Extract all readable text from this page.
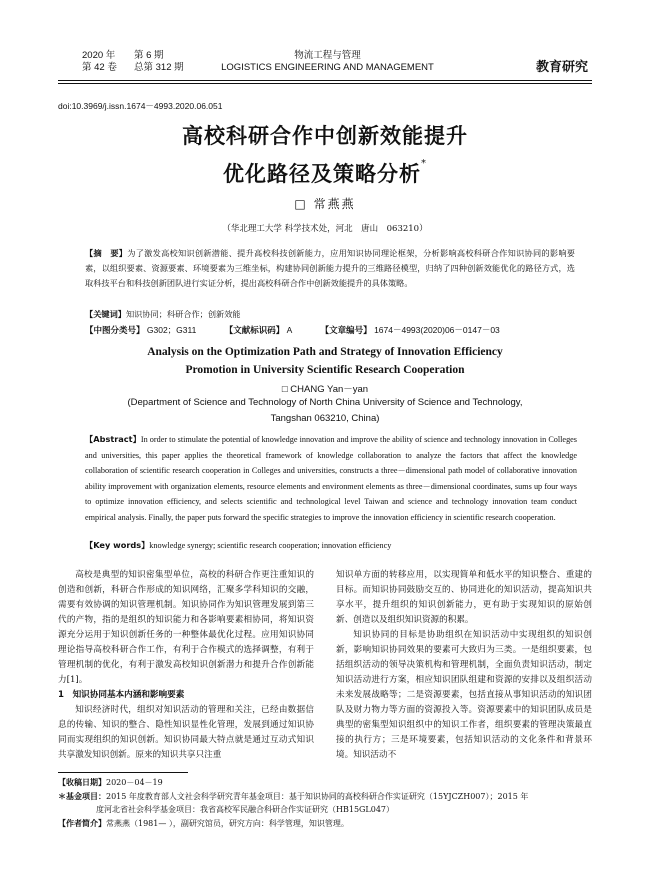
2020 年 第 6 期
第 42 卷 总第 312 期
物流工程与管理
LOGISTICS ENGINEERING AND MANAGEMENT	教育研究
doi:10.3969/j.issn.1674－4993.2020.06.051
高校科研合作中创新效能提升
优化路径及策略分析*
□ 常燕燕
（华北理工大学 科学技术处，河北　唐山　063210）
【摘　要】为了激发高校知识创新潜能、提升高校科技创新能力，应用知识协同理论框架，分析影响高校科研合作知识协同的影响要素，以组织要素、资源要素、环境要素为三维坐标，构建协同创新能力提升的三维路径模型，归纳了四种创新效能优化的路径方式，选取科技平台和科技创新团队进行实证分析，提出高校科研合作中创新效能提升的具体策略。
【关键词】知识协同；科研合作；创新效能
【中图分类号】 G302；G311	【文献标识码】 A	【文章编号】 1674－4993(2020)06－0147－03
Analysis on the Optimization Path and Strategy of Innovation Efficiency
Promotion in University Scientific Research Cooperation
□ CHANG Yan－yan
(Department of Science and Technology of North China University of Science and Technology,
Tangshan 063210, China)
【Abstract】In order to stimulate the potential of knowledge innovation and improve the ability of science and technology innovation in Colleges and universities, this paper applies the theoretical framework of knowledge collaboration to analyze the factors that affect the knowledge collaboration of scientific research cooperation in Colleges and universities, constructs a three－dimensional path model of collaborative innovation ability improvement with organization elements, resource elements and environment elements as three－dimensional coordinates, sums up four ways to optimize innovation efficiency, and selects scientific and technological level Taiwan and science and technology innovation team conduct empirical analysis. Finally, the paper puts forward the specific strategies to improve the innovation efficiency in scientific research cooperation.
【Key words】knowledge synergy; scientific research cooperation; innovation efficiency

高校是典型的知识密集型单位，高校的科研合作更注重知识的创造和创新，科研合作形成的知识网络，汇聚多学科知识的交融，需要有效协调的知识管理机制。知识协同作为知识管理发展到第三代的产物，指的是组织的知识能力和各影响要素相协同，将知识资源充分运用于知识创新任务的一种整体最优化过程。应用知识协同理论指导高校科研合作工作，有利于合作模式的选择调整，有利于管理机制的优化，有利于激发高校知识创新潜力和提升合作创新能力[1]。

1　知识协同基本内涵和影响要素

知识经济时代，组织对知识活动的管理和关注，已经由数据信息的传输、知识的整合、隐性知识显性化管理，发展到通过知识协同而实现组织的知识创新。知识协同最大特点就是通过互动式知识共享激发知识创新。原来的知识共享只注重

知识单方面的转移应用，以实现简单和低水平的知识整合、重建的目标。而知识协同鼓励交互的、协同进化的知识活动，提高知识共享水平，提升组织的知识创新能力，更有助于实现知识的原始创新、创造以及组织知识资源的积累。

知识协同的目标是协助组织在知识活动中实现组织的知识创新，影响知识协同效果的要素可大致归为三类。一是组织要素，包括组织活动的领导决策机构和管理机制，全面负责知识活动，制定知识活动进行方案，相应知识团队组建和资源的安排以及组织活动未来发展战略等；二是资源要素，包括直接从事知识活动的知识团队及财力物力等方面的资源投入等。资源要素中的知识团队成员是典型的密集型知识组织中的知识工作者，组织要素的管理决策最直接的执行方；三是环境要素，包括知识活动的文化条件和背景环境。知识活动不

【收稿日期】2020－04－19
＊基金项目：2015 年度教育部人文社会科学研究青年基金项目：基于知识协同的高校科研合作实证研究（15YJCZH007）；2015 年
度河北省社会科学基金项目：我省高校军民融合科研合作实证研究（HB15GL047）
【作者简介】常燕燕（1981— ），副研究馆员，研究方向：科学管理，知识管理。
